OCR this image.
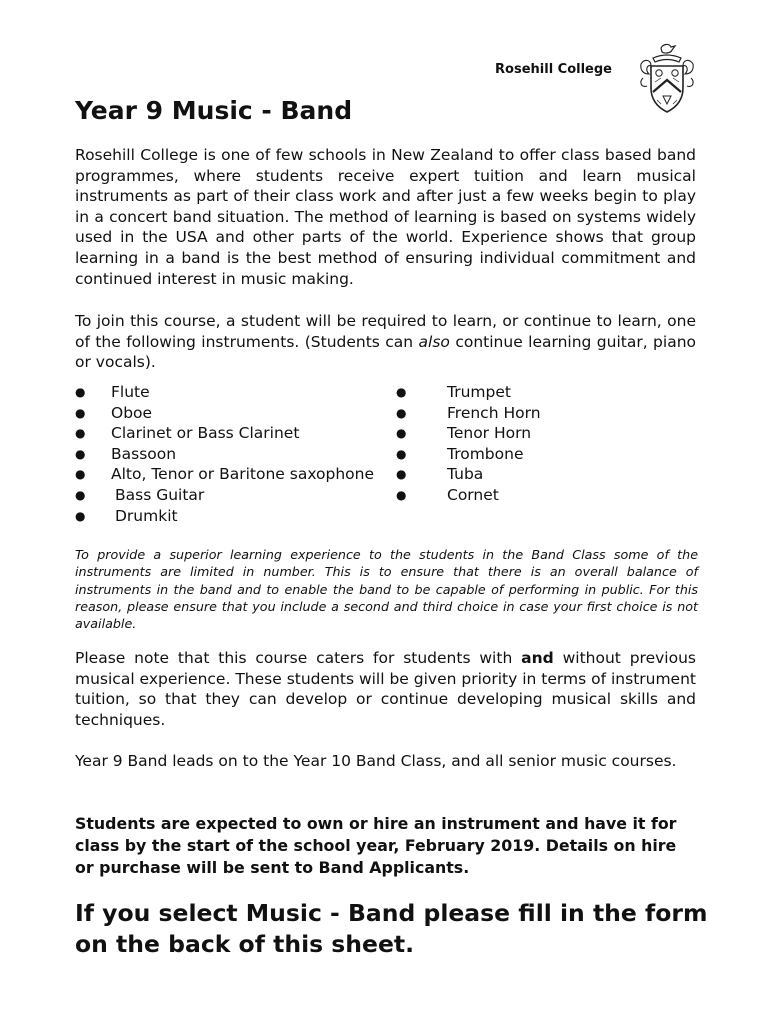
Rosehill College
Year 9 Music - Band

Rosehill College is one of few schools in New Zealand to offer class based band programmes, where students receive expert tuition and learn musical instruments as part of their class work and after just a few weeks begin to play in a concert band situation. The method of learning is based on systems widely used in the USA and other parts of the world. Experience shows that group learning in a band is the best method of ensuring individual commitment and continued interest in music making.

To join this course, a student will be required to learn, or continue to learn, one of the following instruments. (Students can also continue learning guitar, piano or vocals).

● Flute
● Oboe
● Clarinet or Bass Clarinet
● Bassoon
● Alto, Tenor or Baritone saxophone
● Bass Guitar
● Drumkit
●	Trumpet
●	French Horn
●	Tenor Horn
●	Trombone
●	Tuba
●	Cornet

To provide a superior learning experience to the students in the Band Class some of the instruments are limited in number. This is to ensure that there is an overall balance of instruments in the band and to enable the band to be capable of performing in public. For this reason, please ensure that you include a second and third choice in case your first choice is not available.

Please note that this course caters for students with and without previous musical experience. These students will be given priority in terms of instrument tuition, so that they can develop or continue developing musical skills and techniques.

Year 9 Band leads on to the Year 10 Band Class, and all senior music courses.

Students are expected to own or hire an instrument and have it for class by the start of the school year, February 2019. Details on hire or purchase will be sent to Band Applicants.

If you select Music - Band please fill in the form on the back of this sheet.
